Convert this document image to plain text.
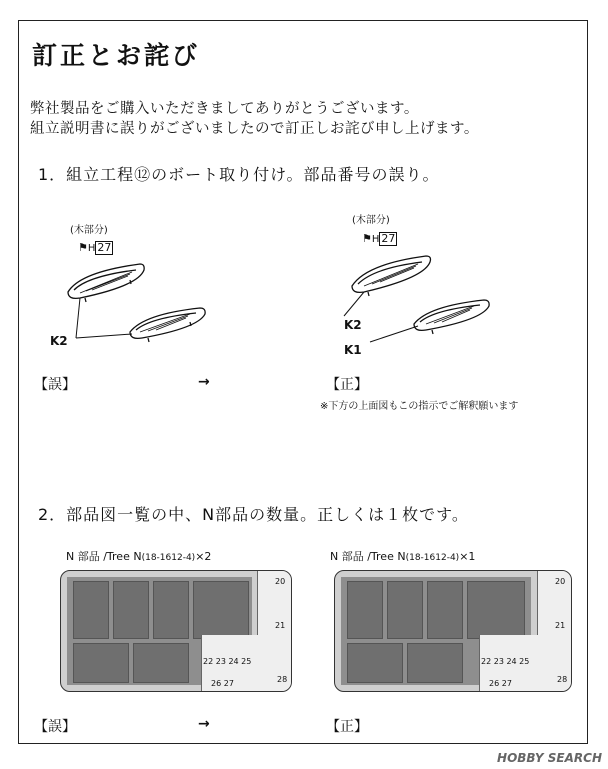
訂正とお詫び
弊社製品をご購入いただきましてありがとうございます。
組立説明書に誤りがございましたので訂正しお詫び申し上げます。
1．組立工程⑫のボート取り付け。部品番号の誤り。
(木部分)
⚑H 27
K2
【誤】	→
(木部分)
⚑H 27
K2
K1
【正】
※下方の上面図もこの指示でご解釈願います
2．部品図一覧の中、N部品の数量。正しくは１枚です。
N 部品 /Tree N(18-1612-4)×2
20
21
22 23 24 25
26 27	28
N 部品 /Tree N(18-1612-4)×1
20
21
22 23 24 25
26 27	28
【誤】	→	【正】
HOBBY SEARCH
